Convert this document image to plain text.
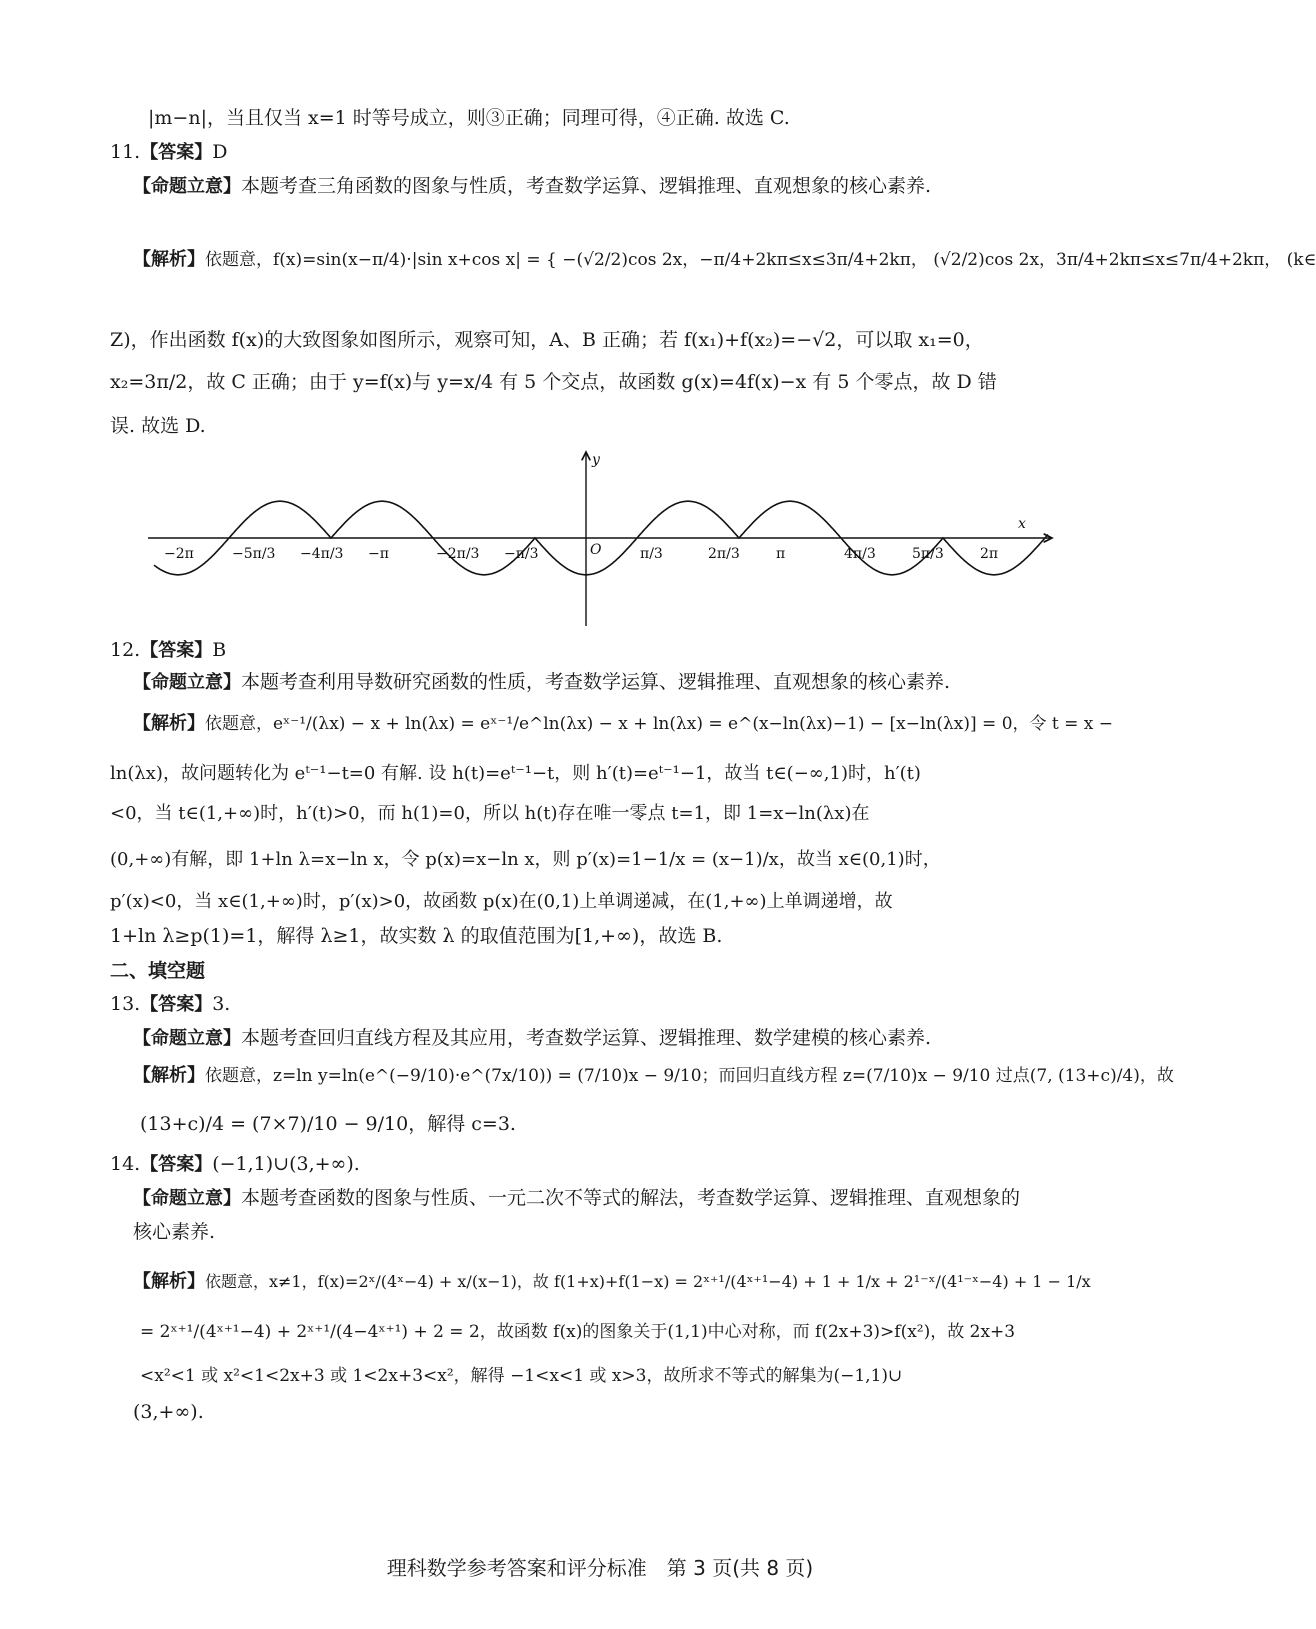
|m−n|，当且仅当 x=1 时等号成立，则③正确；同理可得，④正确. 故选 C.
11.【答案】D
【命题立意】本题考查三角函数的图象与性质，考查数学运算、逻辑推理、直观想象的核心素养.
【解析】依题意，f(x)=sin(x−π/4)·|sin x+cos x| = { −(√2/2)cos 2x，−π/4+2kπ≤x≤3π/4+2kπ， (√2/2)cos 2x，3π/4+2kπ≤x≤7π/4+2kπ， (k∈
Z)，作出函数 f(x)的大致图象如图所示，观察可知，A、B 正确；若 f(x₁)+f(x₂)=−√2，可以取 x₁=0，
x₂=3π/2，故 C 正确；由于 y=f(x)与 y=x/4 有 5 个交点，故函数 g(x)=4f(x)−x 有 5 个零点，故 D 错
误. 故选 D.
x
y
O
−2π	−5π/3 −4π/3 −π	−2π/3 −π/3	π/3	2π/3	π	4π/3	5π/3	2π
12.【答案】B
【命题立意】本题考查利用导数研究函数的性质，考查数学运算、逻辑推理、直观想象的核心素养.
【解析】依题意，eˣ⁻¹/(λx) − x + ln(λx) = eˣ⁻¹/e^ln(λx) − x + ln(λx) = e^(x−ln(λx)−1) − [x−ln(λx)] = 0，令 t = x −
ln(λx)，故问题转化为 eᵗ⁻¹−t=0 有解. 设 h(t)=eᵗ⁻¹−t，则 h′(t)=eᵗ⁻¹−1，故当 t∈(−∞,1)时，h′(t)
<0，当 t∈(1,+∞)时，h′(t)>0，而 h(1)=0，所以 h(t)存在唯一零点 t=1，即 1=x−ln(λx)在
(0,+∞)有解，即 1+ln λ=x−ln x，令 p(x)=x−ln x，则 p′(x)=1−1/x = (x−1)/x，故当 x∈(0,1)时，
p′(x)<0，当 x∈(1,+∞)时，p′(x)>0，故函数 p(x)在(0,1)上单调递减，在(1,+∞)上单调递增，故
1+ln λ≥p(1)=1，解得 λ≥1，故实数 λ 的取值范围为[1,+∞)，故选 B.
二、填空题
13.【答案】3.
【命题立意】本题考查回归直线方程及其应用，考查数学运算、逻辑推理、数学建模的核心素养.
【解析】依题意，z=ln y=ln(e^(−9/10)·e^(7x/10)) = (7/10)x − 9/10；而回归直线方程 z=(7/10)x − 9/10 过点(7, (13+c)/4)，故
(13+c)/4 = (7×7)/10 − 9/10，解得 c=3.
14.【答案】(−1,1)∪(3,+∞).
【命题立意】本题考查函数的图象与性质、一元二次不等式的解法，考查数学运算、逻辑推理、直观想象的
核心素养.
【解析】依题意，x≠1，f(x)=2ˣ/(4ˣ−4) + x/(x−1)，故 f(1+x)+f(1−x) = 2ˣ⁺¹/(4ˣ⁺¹−4) + 1 + 1/x + 2¹⁻ˣ/(4¹⁻ˣ−4) + 1 − 1/x
= 2ˣ⁺¹/(4ˣ⁺¹−4) + 2ˣ⁺¹/(4−4ˣ⁺¹) + 2 = 2，故函数 f(x)的图象关于(1,1)中心对称，而 f(2x+3)>f(x²)，故 2x+3
<x²<1 或 x²<1<2x+3 或 1<2x+3<x²，解得 −1<x<1 或 x>3，故所求不等式的解集为(−1,1)∪
(3,+∞).
理科数学参考答案和评分标准　第 3 页(共 8 页)
